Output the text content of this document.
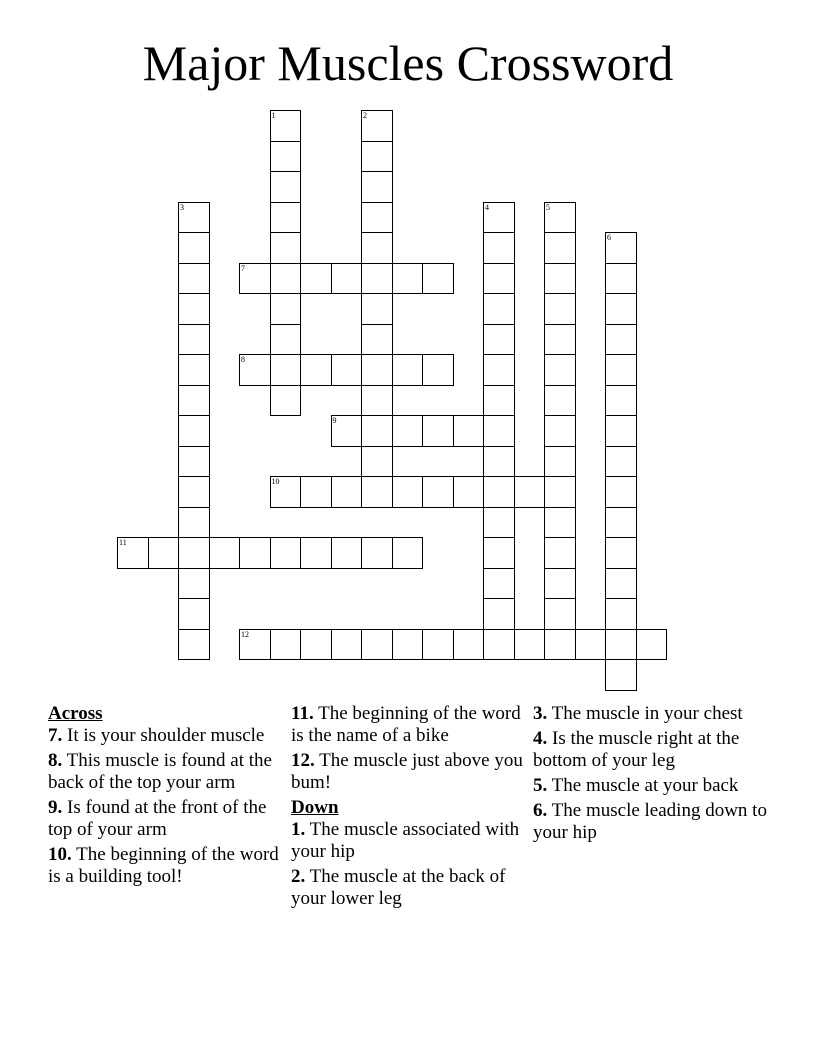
Major Muscles Crossword
1	2
3	4	5
6
7
8
9
10
11
12

Across

7. It is your shoulder muscle

8. This muscle is found at the back of the top your arm

9. Is found at the front of the top of your arm

10. The beginning of the word is a building tool!

11. The beginning of the word is the name of a bike

12. The muscle just above you bum!

Down

1. The muscle associated with your hip

2. The muscle at the back of your lower leg

3. The muscle in your chest

4. Is the muscle right at the bottom of your leg

5. The muscle at your back

6. The muscle leading down to your hip
